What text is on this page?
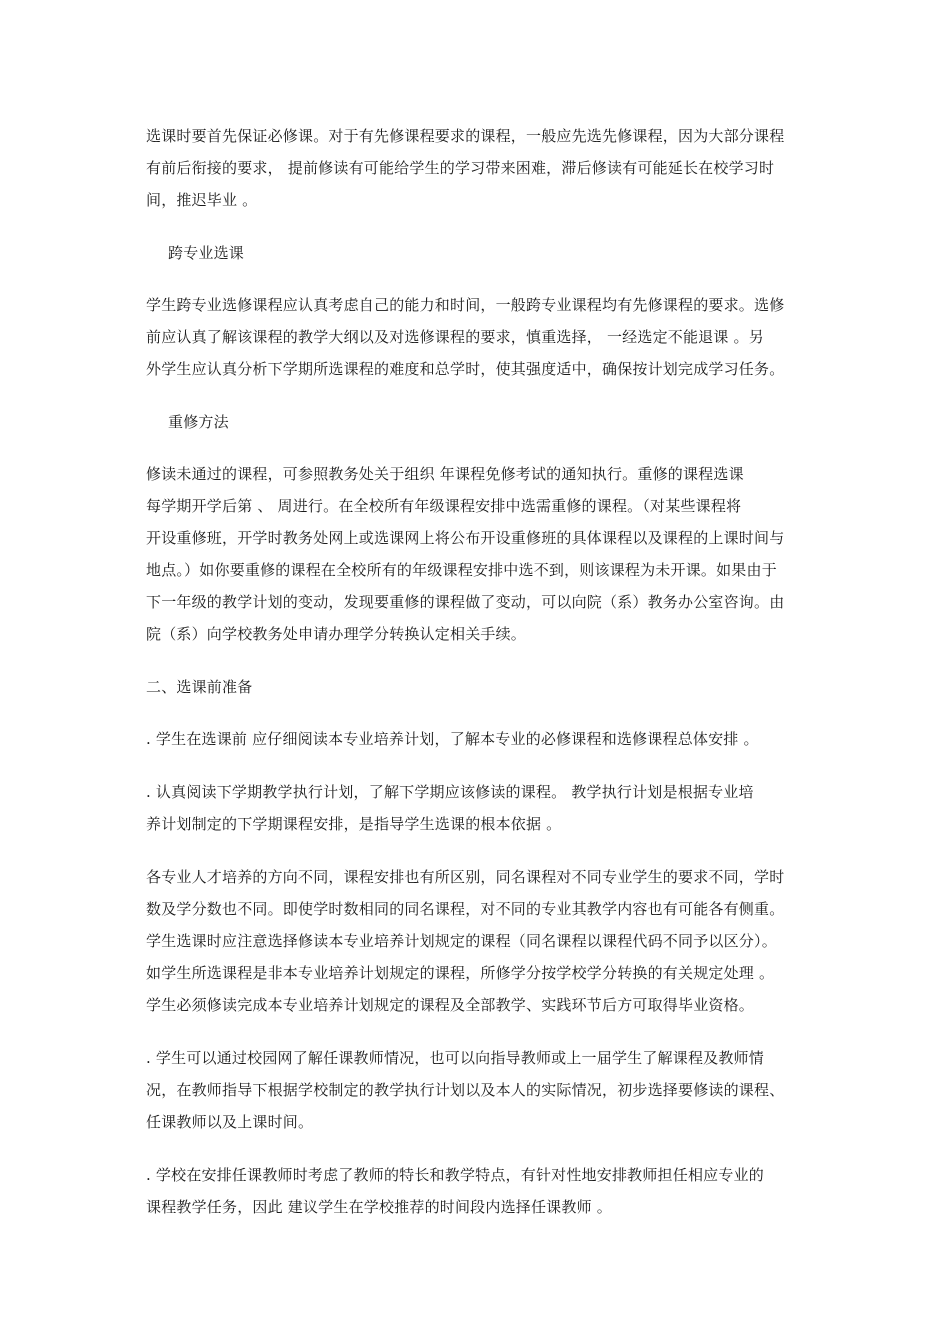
选课时要首先保证必修课。对于有先修课程要求的课程，一般应先选先修课程，因为大部分课程
有前后衔接的要求， 提前修读有可能给学生的学习带来困难，滞后修读有可能延长在校学习时
间，推迟毕业 。
跨专业选课
学生跨专业选修课程应认真考虑自己的能力和时间，一般跨专业课程均有先修课程的要求。选修
前应认真了解该课程的教学大纲以及对选修课程的要求，慎重选择， 一经选定不能退课 。另
外学生应认真分析下学期所选课程的难度和总学时，使其强度适中，确保按计划完成学习任务。
重修方法
修读未通过的课程，可参照教务处关于组织 年课程免修考试的通知执行。重修的课程选课
每学期开学后第 、 周进行。在全校所有年级课程安排中选需重修的课程。（对某些课程将
开设重修班，开学时教务处网上或选课网上将公布开设重修班的具体课程以及课程的上课时间与
地点。）如你要重修的课程在全校所有的年级课程安排中选不到，则该课程为未开课。如果由于
下一年级的教学计划的变动，发现要重修的课程做了变动，可以向院（系）教务办公室咨询。由
院（系）向学校教务处申请办理学分转换认定相关手续。
二、选课前准备
. 学生在选课前 应仔细阅读本专业培养计划，了解本专业的必修课程和选修课程总体安排 。
. 认真阅读下学期教学执行计划，了解下学期应该修读的课程。 教学执行计划是根据专业培
养计划制定的下学期课程安排，是指导学生选课的根本依据 。
各专业人才培养的方向不同，课程安排也有所区别，同名课程对不同专业学生的要求不同，学时
数及学分数也不同。即使学时数相同的同名课程，对不同的专业其教学内容也有可能各有侧重。
学生选课时应注意选择修读本专业培养计划规定的课程（同名课程以课程代码不同予以区分）。
如学生所选课程是非本专业培养计划规定的课程，所修学分按学校学分转换的有关规定处理 。
学生必须修读完成本专业培养计划规定的课程及全部教学、实践环节后方可取得毕业资格。
. 学生可以通过校园网了解任课教师情况，也可以向指导教师或上一届学生了解课程及教师情
况，在教师指导下根据学校制定的教学执行计划以及本人的实际情况，初步选择要修读的课程、
任课教师以及上课时间。
. 学校在安排任课教师时考虑了教师的特长和教学特点，有针对性地安排教师担任相应专业的
课程教学任务，因此 建议学生在学校推荐的时间段内选择任课教师 。
